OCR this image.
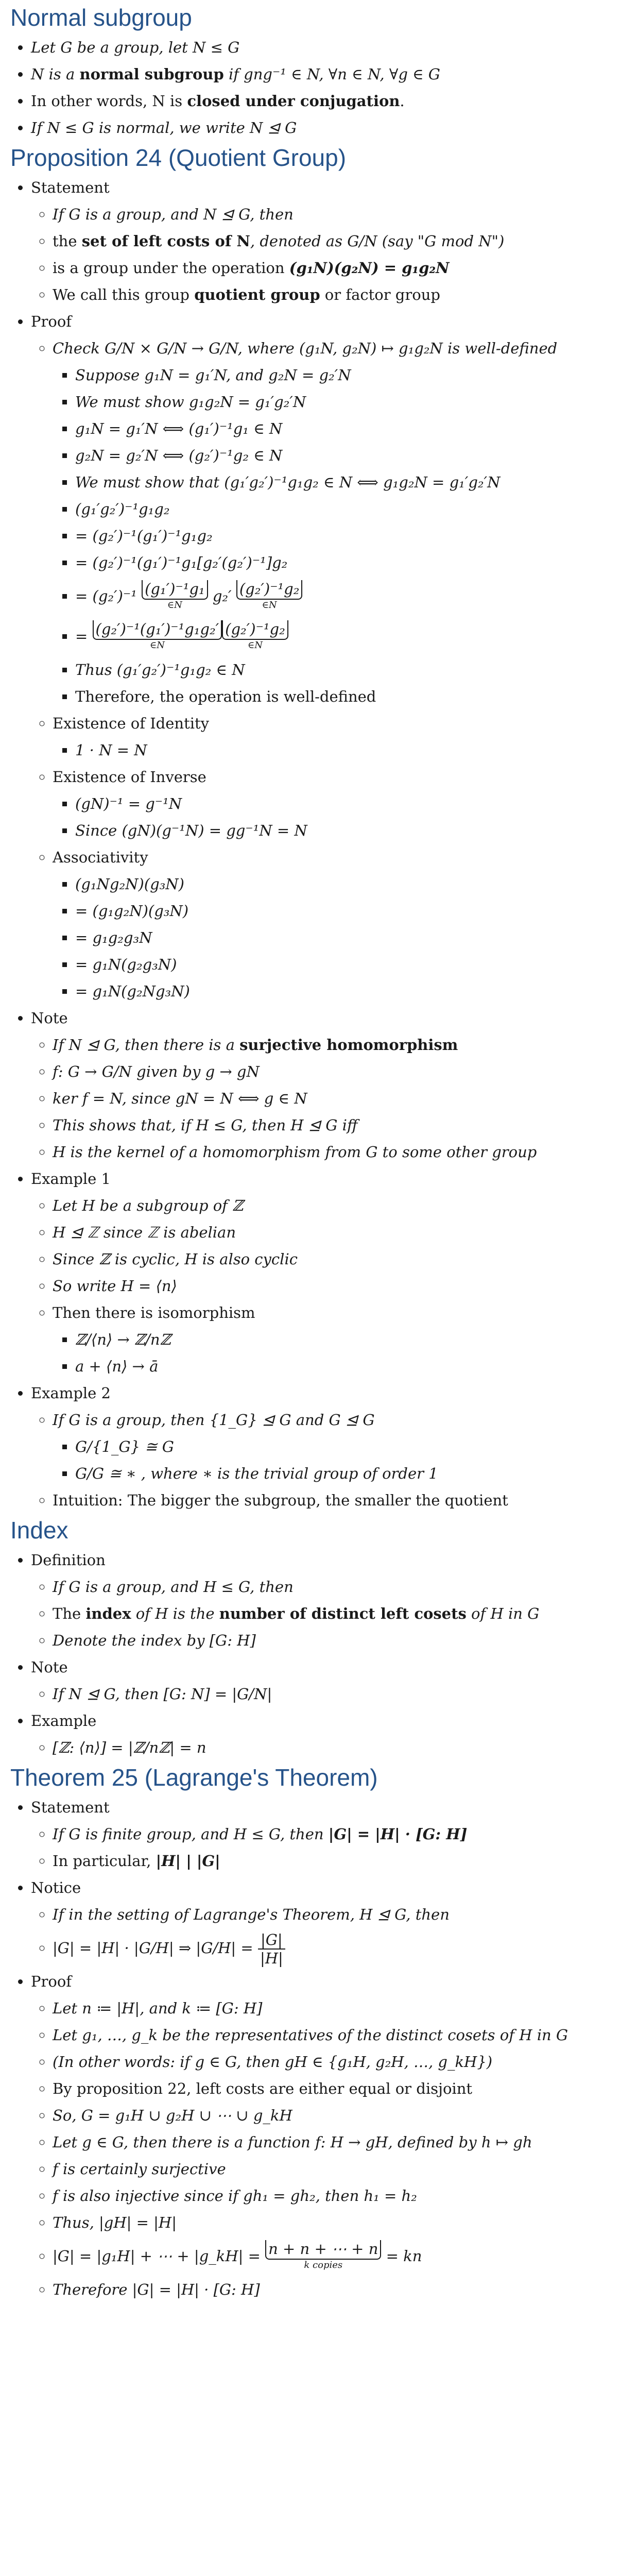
Normal subgroup
• Let G be a group, let N ≤ G
• N is a normal subgroup if gng⁻¹ ∈ N, ∀n ∈ N, ∀g ∈ G
• In other words, N is closed under conjugation.
• If N ≤ G is normal, we write N ⊴ G
Proposition 24 (Quotient Group)
• Statement
◦ If G is a group, and N ⊴ G, then
◦ the set of left costs of N, denoted as G/N (say "G mod N")
◦ is a group under the operation (g₁N)(g₂N) = g₁g₂N
◦ We call this group quotient group or factor group
• Proof
◦ Check G/N × G/N → G/N, where (g₁N, g₂N) ↦ g₁g₂N is well-defined
▪ Suppose g₁N = g₁′N, and g₂N = g₂′N
▪ We must show g₁g₂N = g₁′g₂′N
▪ g₁N = g₁′N ⟺ (g₁′)⁻¹g₁ ∈ N
▪ g₂N = g₂′N ⟺ (g₂′)⁻¹g₂ ∈ N
▪ We must show that (g₁′g₂′)⁻¹g₁g₂ ∈ N ⟺ g₁g₂N = g₁′g₂′N
▪ (g₁′g₂′)⁻¹g₁g₂
▪ = (g₂′)⁻¹(g₁′)⁻¹g₁g₂
▪ = (g₂′)⁻¹(g₁′)⁻¹g₁[g₂′(g₂′)⁻¹]g₂
▪ = (g₂′)⁻¹ (g₁′)⁻¹g₁
∈N
g₂′ (g₂′)⁻¹g₂
∈N
▪ = (g₂′)⁻¹(g₁′)⁻¹g₁g₂′
∈N
(g₂′)⁻¹g₂
∈N
▪ Thus (g₁′g₂′)⁻¹g₁g₂ ∈ N
▪ Therefore, the operation is well-defined
◦ Existence of Identity
▪ 1 · N = N
◦ Existence of Inverse
▪ (gN)⁻¹ = g⁻¹N
▪ Since (gN)(g⁻¹N) = gg⁻¹N = N
◦ Associativity
▪ (g₁Ng₂N)(g₃N)
▪ = (g₁g₂N)(g₃N)
▪ = g₁g₂g₃N
▪ = g₁N(g₂g₃N)
▪ = g₁N(g₂Ng₃N)
• Note
◦ If N ⊴ G, then there is a surjective homomorphism
◦ f: G → G/N given by g → gN
◦ ker f = N, since gN = N ⟺ g ∈ N
◦ This shows that, if H ≤ G, then H ⊴ G iff
◦ H is the kernel of a homomorphism from G to some other group
• Example 1
◦ Let H be a subgroup of ℤ
◦ H ⊴ ℤ since ℤ is abelian
◦ Since ℤ is cyclic, H is also cyclic
◦ So write H = ⟨n⟩
◦ Then there is isomorphism
▪ ℤ/⟨n⟩ → ℤ/nℤ
▪ a + ⟨n⟩ → ā
• Example 2
◦ If G is a group, then {1_G} ⊴ G and G ⊴ G
▪ G/{1_G} ≅ G
▪ G/G ≅ ∗ , where ∗ is the trivial group of order 1
◦ Intuition: The bigger the subgroup, the smaller the quotient
Index
• Definition
◦ If G is a group, and H ≤ G, then
◦ The index of H is the number of distinct left cosets of H in G
◦ Denote the index by [G: H]
• Note
◦ If N ⊴ G, then [G: N] = |G/N|
• Example
◦ [ℤ: ⟨n⟩] = |ℤ/nℤ| = n
Theorem 25 (Lagrange's Theorem)
• Statement
◦ If G is finite group, and H ≤ G, then |G| = |H| · [G: H]
◦ In particular, |H| | |G|
• Notice
◦ If in the setting of Lagrange's Theorem, H ⊴ G, then
◦ |G| = |H| · |G/H| ⇒ $|G/H| = \frac{|G|}{|H|}$
• Proof
◦ Let n ≔ |H|, and k ≔ [G: H]
◦ Let g₁, …, g_k be the representatives of the distinct cosets of H in G
◦ (In other words: if g ∈ G, then gH ∈ {g₁H, g₂H, …, g_kH})
◦ By proposition 22, left costs are either equal or disjoint
◦ So, G = g₁H ∪ g₂H ∪ ⋯ ∪ g_kH
◦ Let g ∈ G, then there is a function f: H → gH, defined by h ↦ gh
◦ f is certainly surjective
◦ f is also injective since if gh₁ = gh₂, then h₁ = h₂
◦ Thus, |gH| = |H|
◦ |G| = |g₁H| + ⋯ + |g_kH| = n + n + ⋯ + n
k copies
= kn
◦ Therefore |G| = |H| · [G: H]
